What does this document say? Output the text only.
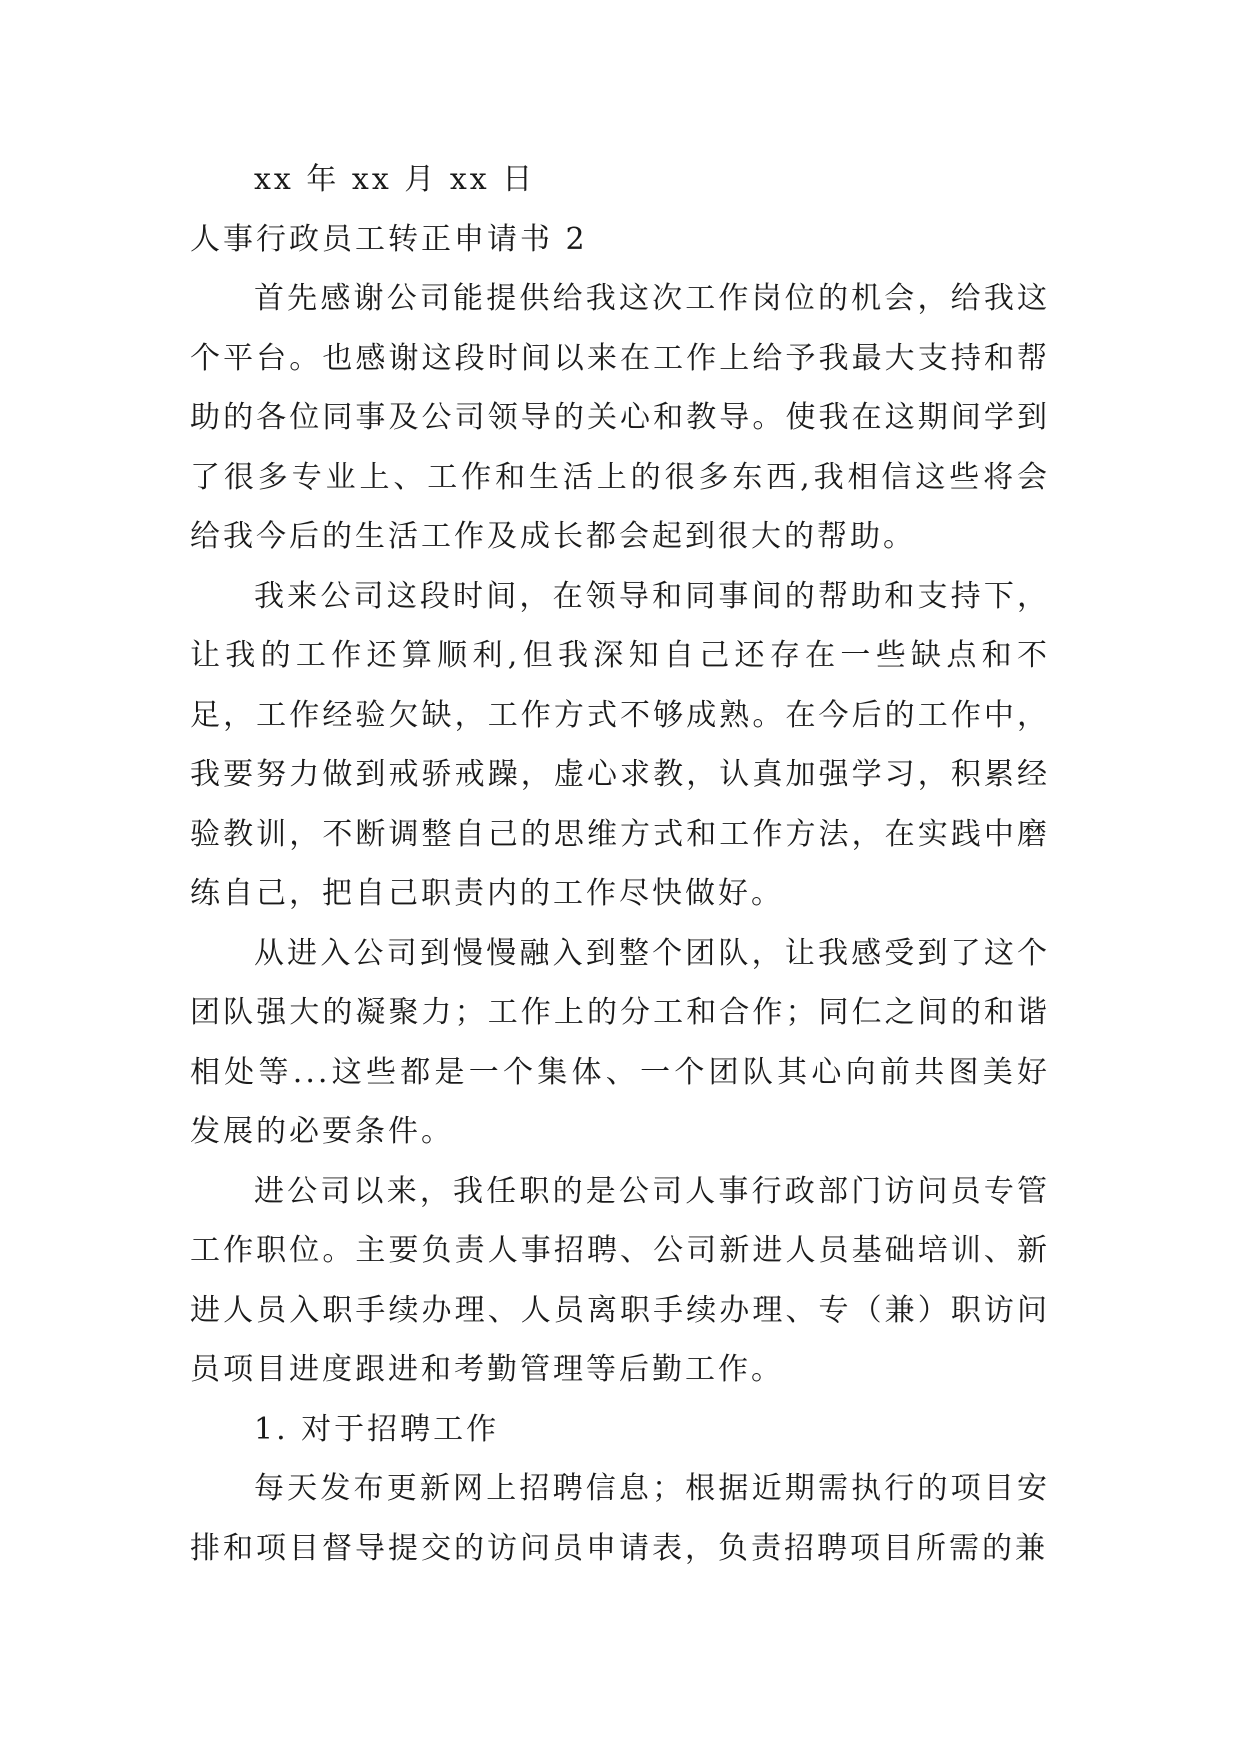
xx 年 xx 月 xx 日

人事行政员工转正申请书 2

首先感谢公司能提供给我这次工作岗位的机会，给我这个平台。也感谢这段时间以来在工作上给予我最大支持和帮助的各位同事及公司领导的关心和教导。使我在这期间学到了很多专业上、工作和生活上的很多东西,我相信这些将会给我今后的生活工作及成长都会起到很大的帮助。

我来公司这段时间，在领导和同事间的帮助和支持下，让我的工作还算顺利,但我深知自己还存在一些缺点和不足，工作经验欠缺，工作方式不够成熟。在今后的工作中，我要努力做到戒骄戒躁，虚心求教，认真加强学习，积累经验教训，不断调整自己的思维方式和工作方法，在实践中磨练自己，把自己职责内的工作尽快做好。

从进入公司到慢慢融入到整个团队，让我感受到了这个团队强大的凝聚力；工作上的分工和合作；同仁之间的和谐相处等...这些都是一个集体、一个团队其心向前共图美好发展的必要条件。

进公司以来，我任职的是公司人事行政部门访问员专管工作职位。主要负责人事招聘、公司新进人员基础培训、新进人员入职手续办理、人员离职手续办理、专（兼）职访问员项目进度跟进和考勤管理等后勤工作。

1. 对于招聘工作

每天发布更新网上招聘信息；根据近期需执行的项目安排和项目督导提交的访问员申请表，负责招聘项目所需的兼
